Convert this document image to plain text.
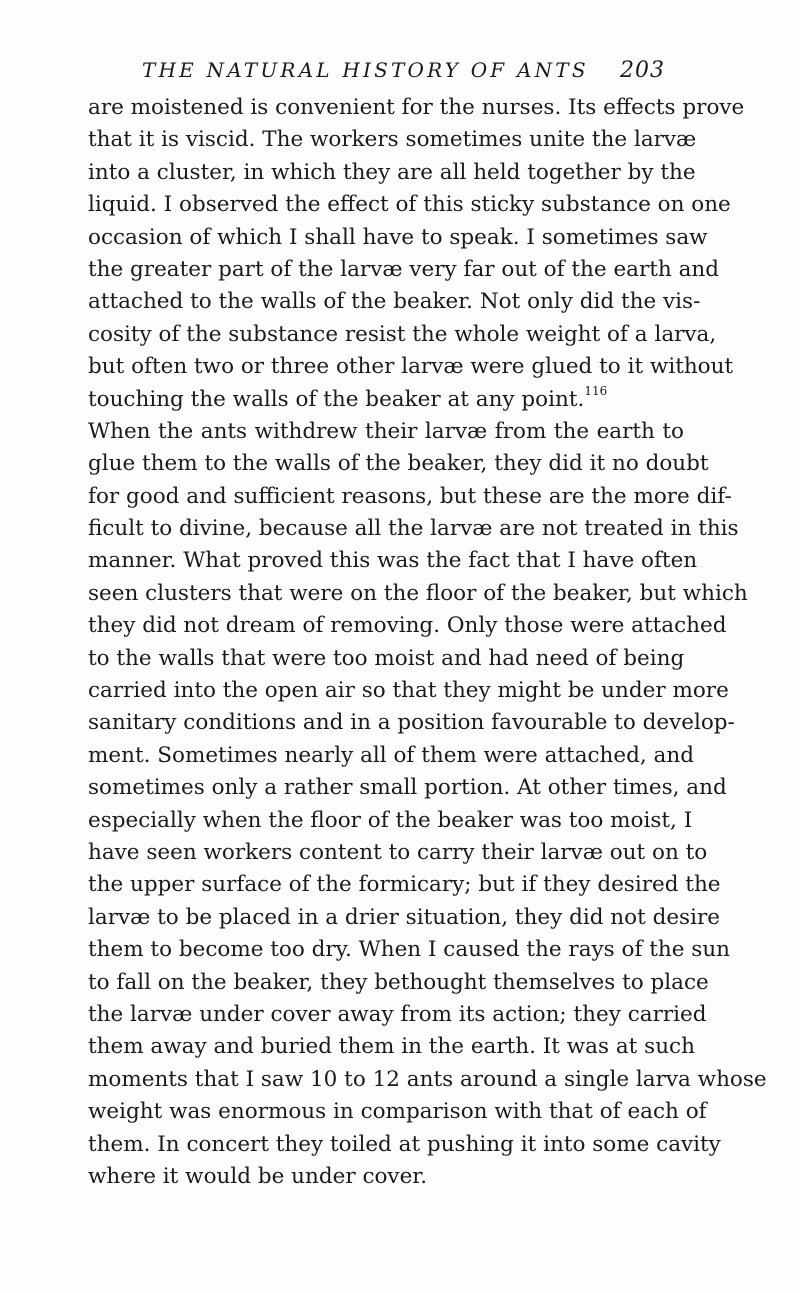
THE NATURAL HISTORY OF ANTS	203
are moistened is convenient for the nurses. Its effects prove
that it is viscid. The workers sometimes unite the larvæ
into a cluster, in which they are all held together by the
liquid. I observed the effect of this sticky substance on one
occasion of which I shall have to speak. I sometimes saw
the greater part of the larvæ very far out of the earth and
attached to the walls of the beaker. Not only did the vis-
cosity of the substance resist the whole weight of a larva,
but often two or three other larvæ were glued to it without
touching the walls of the beaker at any point.$^{116}$
When the ants withdrew their larvæ from the earth to
glue them to the walls of the beaker, they did it no doubt
for good and sufficient reasons, but these are the more dif-
ficult to divine, because all the larvæ are not treated in this
manner. What proved this was the fact that I have often
seen clusters that were on the floor of the beaker, but which
they did not dream of removing. Only those were attached
to the walls that were too moist and had need of being
carried into the open air so that they might be under more
sanitary conditions and in a position favourable to develop-
ment. Sometimes nearly all of them were attached, and
sometimes only a rather small portion. At other times, and
especially when the floor of the beaker was too moist, I
have seen workers content to carry their larvæ out on to
the upper surface of the formicary; but if they desired the
larvæ to be placed in a drier situation, they did not desire
them to become too dry. When I caused the rays of the sun
to fall on the beaker, they bethought themselves to place
the larvæ under cover away from its action; they carried
them away and buried them in the earth. It was at such
moments that I saw 10 to 12 ants around a single larva whose
weight was enormous in comparison with that of each of
them. In concert they toiled at pushing it into some cavity
where it would be under cover.
